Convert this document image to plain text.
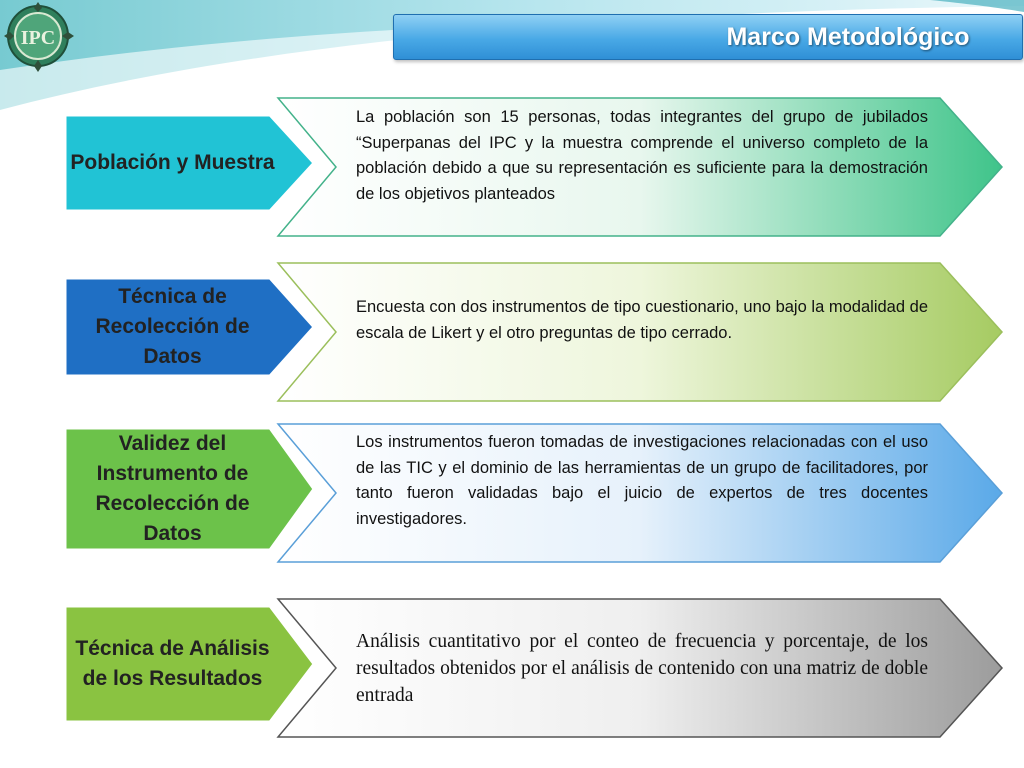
IPC	Marco Metodológico
Población y Muestra
La población son 15 personas, todas integrantes del grupo de jubilados “Superpanas del IPC y la muestra comprende el universo completo de la población debido a que su representación es suficiente para la demostración de los objetivos planteados
Técnica de Recolección de Datos
Encuesta con dos instrumentos de tipo cuestionario, uno bajo la modalidad de escala de Likert y el otro preguntas de tipo cerrado.
Validez del Instrumento de Recolección de Datos
Los instrumentos fueron tomadas de investigaciones relacionadas con el uso de las TIC y el dominio de las herramientas de un grupo de facilitadores, por tanto fueron validadas bajo el juicio de expertos de tres docentes investigadores.
Técnica de Análisis de los Resultados
Análisis cuantitativo por el conteo de frecuencia y porcentaje, de los resultados obtenidos por el análisis de contenido con una matriz de doble entrada
